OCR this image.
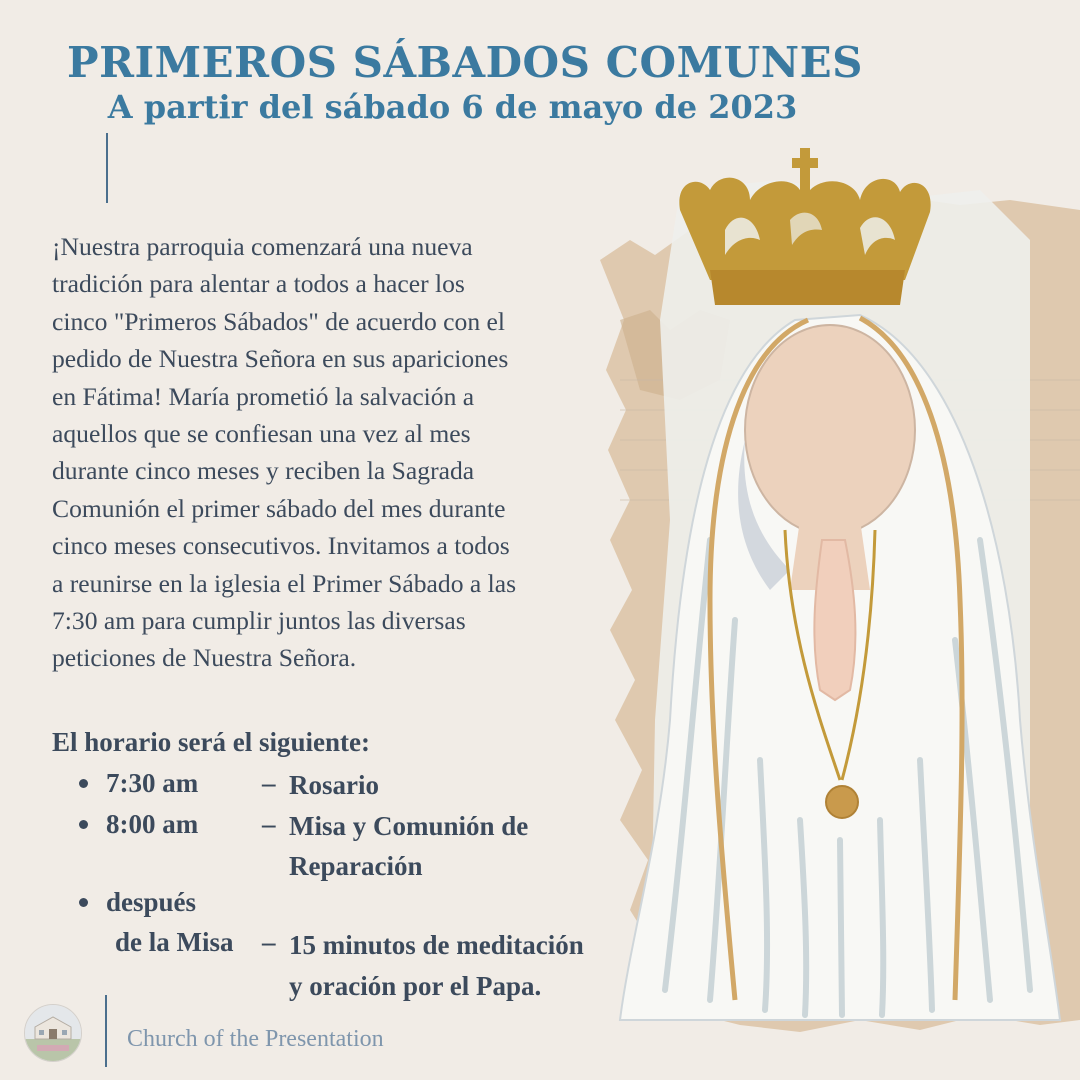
PRIMEROS SÁBADOS COMUNES
A partir del sábado 6 de mayo de 2023
¡Nuestra parroquia comenzará una nueva
tradición para alentar a todos a hacer los
cinco "Primeros Sábados" de acuerdo con el
pedido de Nuestra Señora en sus apariciones
en Fátima! María prometió la salvación a
aquellos que se confiesan una vez al mes
durante cinco meses y reciben la Sagrada
Comunión el primer sábado del mes durante
cinco meses consecutivos. Invitamos a todos
a reunirse en la iglesia el Primer Sábado a las
7:30 am para cumplir juntos las diversas
peticiones de Nuestra Señora.
El horario será el siguiente:
7:30 am – Rosario
8:00 am – Misa y Comunión de
Reparación
después
de la Misa – 15 minutos de meditación
y oración por el Papa.
Church of the Presentation
